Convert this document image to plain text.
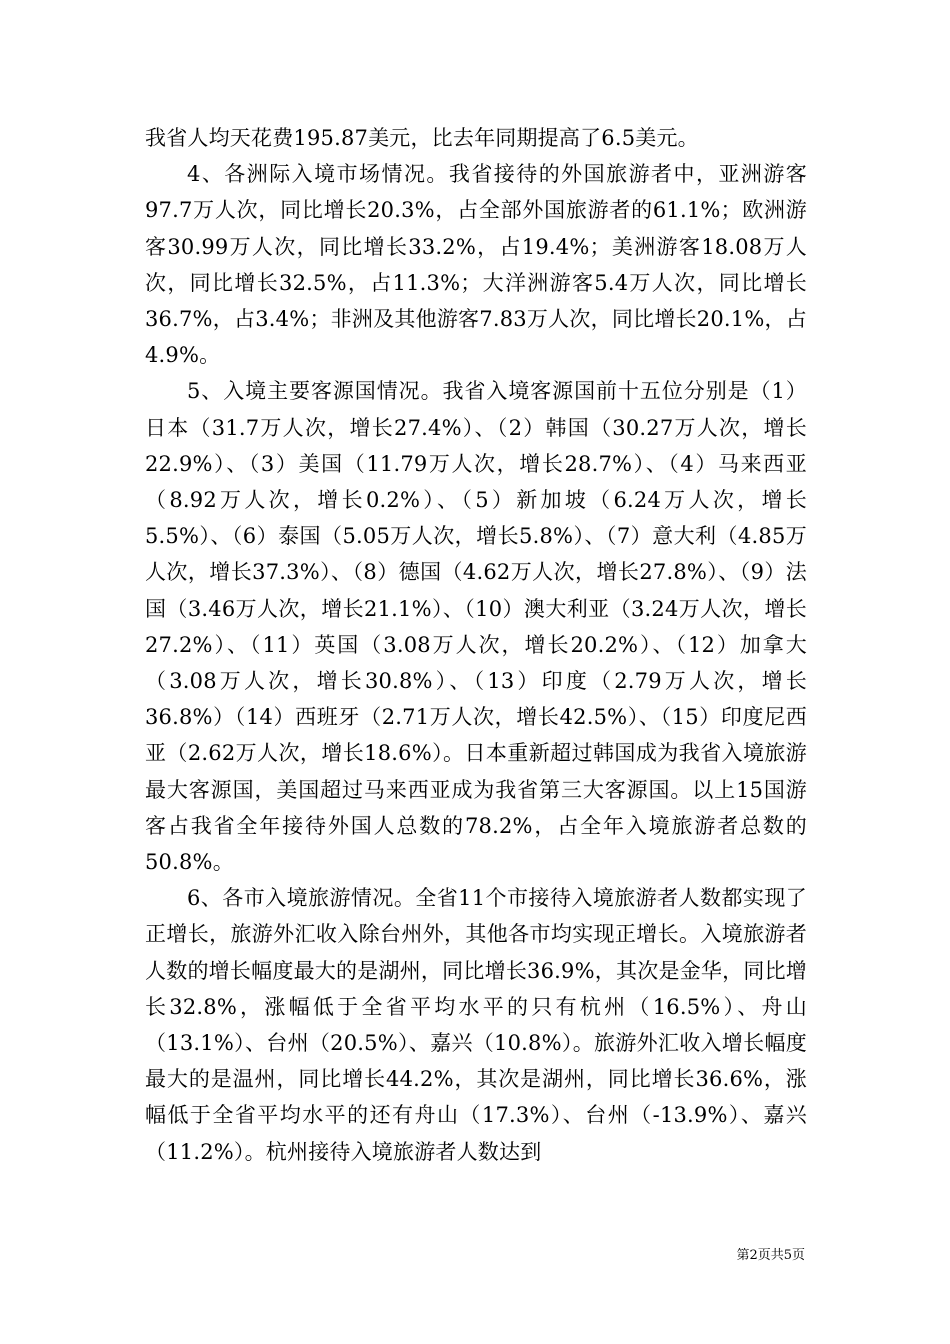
我省人均天花费195.87美元，比去年同期提高了6.5美元。

4、各洲际入境市场情况。我省接待的外国旅游者中，亚洲游客97.7万人次，同比增长20.3%，占全部外国旅游者的61.1%；欧洲游客30.99万人次，同比增长33.2%，占19.4%；美洲游客18.08万人次，同比增长32.5%，占11.3%；大洋洲游客5.4万人次，同比增长36.7%，占3.4%；非洲及其他游客7.83万人次，同比增长20.1%，占4.9%。

5、入境主要客源国情况。我省入境客源国前十五位分别是（1）日本（31.7万人次，增长27.4%）、（2）韩国（30.27万人次，增长22.9%）、（3）美国（11.79万人次，增长28.7%）、（4）马来西亚（8.92万人次，增长0.2%）、（5）新加坡（6.24万人次，增长5.5%）、（6）泰国（5.05万人次，增长5.8%）、（7）意大利（4.85万人次，增长37.3%）、（8）德国（4.62万人次，增长27.8%）、（9）法国（3.46万人次，增长21.1%）、（10）澳大利亚（3.24万人次，增长27.2%）、（11）英国（3.08万人次，增长20.2%）、（12）加拿大（3.08万人次，增长30.8%）、（13）印度（2.79万人次，增长36.8%）（14）西班牙（2.71万人次，增长42.5%）、（15）印度尼西亚（2.62万人次，增长18.6%）。日本重新超过韩国成为我省入境旅游最大客源国，美国超过马来西亚成为我省第三大客源国。以上15国游客占我省全年接待外国人总数的78.2%，占全年入境旅游者总数的50.8%。

6、各市入境旅游情况。全省11个市接待入境旅游者人数都实现了正增长，旅游外汇收入除台州外，其他各市均实现正增长。入境旅游者人数的增长幅度最大的是湖州，同比增长36.9%，其次是金华，同比增长32.8%，涨幅低于全省平均水平的只有杭州（16.5%）、舟山（13.1%）、台州（20.5%）、嘉兴（10.8%）。旅游外汇收入增长幅度最大的是温州，同比增长44.2%，其次是湖州，同比增长36.6%，涨幅低于全省平均水平的还有舟山（17.3%）、台州（-13.9%）、嘉兴（11.2%）。杭州接待入境旅游者人数达到

第2页共5页
